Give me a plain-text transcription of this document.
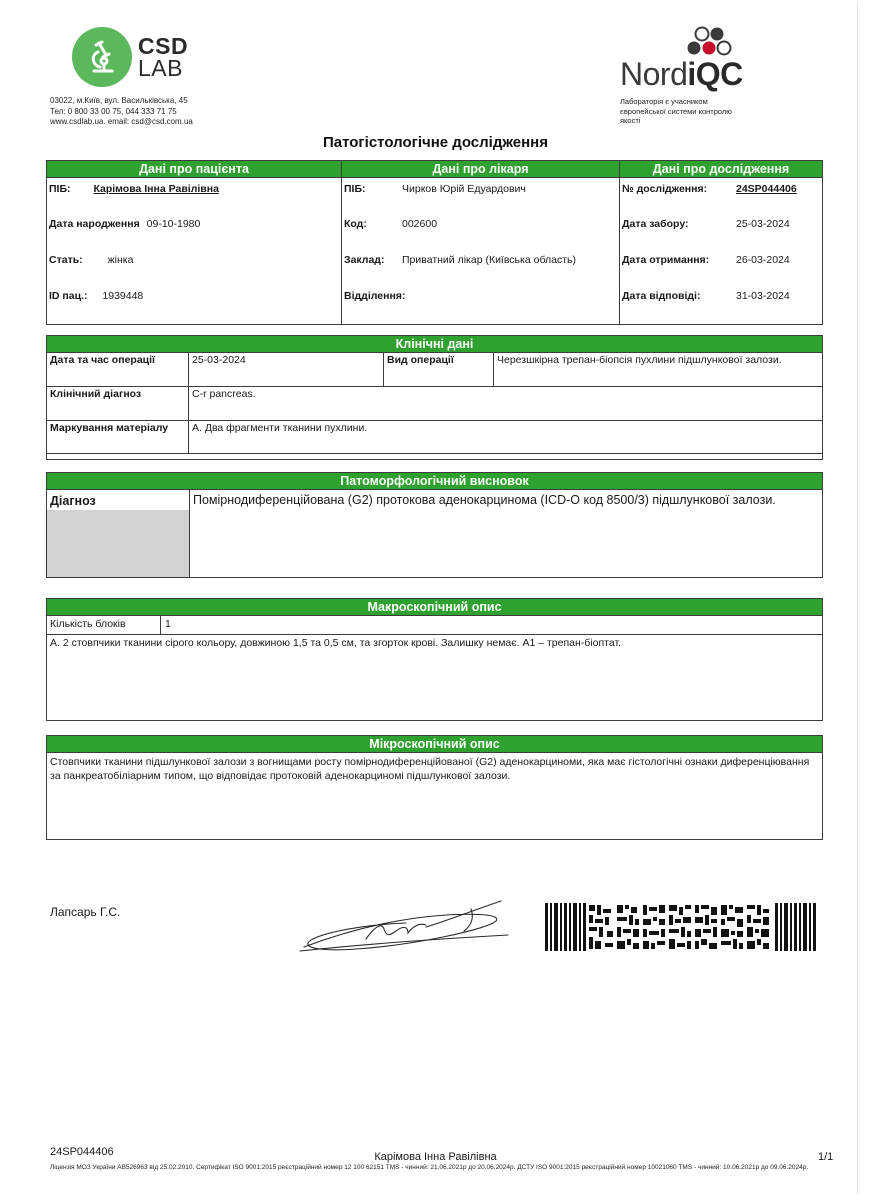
CSD
LAB
03022, м.Київ, вул. Васильківська, 45
Тел: 0 800 33 00 75, 044 333 71 75
www.csdlab.ua. email: csd@csd.com.ua
NordiQC
Лабораторія є учасником європейської системи контролю якості
Патогістологічне дослідження
Дані про пацієнта
ПІБ: Карімова Інна Равілівна
Дата народження 09-10-1980
Стать: жінка
ID пац.: 1939448
Дані про лікаря
ПІБ:	Чирков Юрій Едуардович
Код:	002600
Заклад: Приватний лікар (Київська область)
Відділення:
Дані про дослідження
№ дослідження:	24SP044406
Дата забору:	25-03-2024
Дата отримання:	26-03-2024
Дата відповіді:	31-03-2024
Клінічні дані
Дата та час операції	25-03-2024	Вид операції	Черезшкірна трепан-біопсія пухлини підшлункової залози.
Клінічний діагноз	C-r pancreas.		
Маркування матеріалу	A. Два фрагменти тканини пухлини.		
Патоморфологічний висновок
Діагноз	Помірнодиференційована (G2) протокова аденокарцинома (ICD-O код 8500/3) підшлункової залози.
Макроскопічний опис
Кількість блоків	1
A. 2 стовпчики тканини сірого кольору, довжиною 1,5 та 0,5 см, та згорток крові. Залишку немає. A1 – трепан-біоптат.
Мікроскопічний опис
Стовпчики тканини підшлункової залози з вогнищами росту помірнодиференційованої (G2) аденокарциноми, яка має гістологічні ознаки диференціювання за панкреатобіліарним типом, що відповідає протоковій аденокарциномі підшлункової залози.
Лапсарь Г.С.
24SP044406	Карімова Інна Равілівна	1/1
Ліцензія МОЗ України АВ526963 від 25.02.2010. Сертифікат ISO 9001:2015 реєстраційний номер 12 100 62151 TMS - чинний: 21.06.2021р до 20.06.2024р. ДСТУ ISO 9001:2015 реєстраційний номер 10021060 TMS - чинний: 10.06.2021р до 09.06.2024р.
